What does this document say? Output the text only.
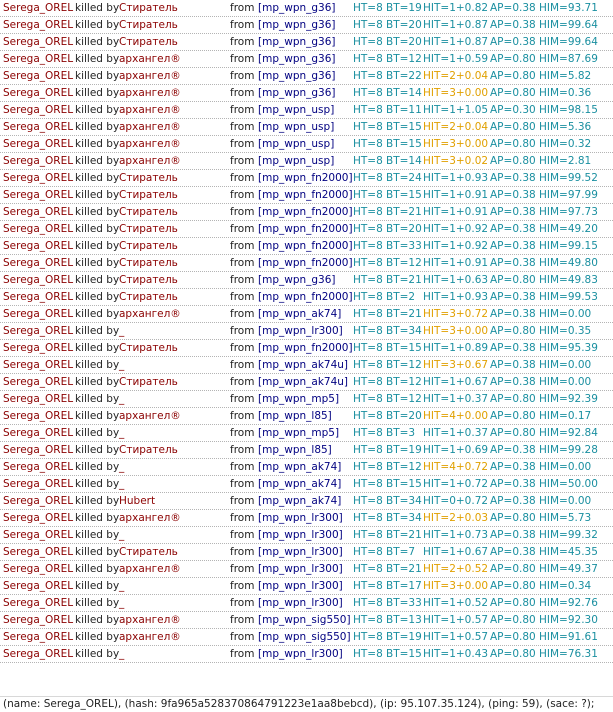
Serega_OREL killed by Стиратель	from [mp_wpn_g36] HT=8 BT=19 HIT=1+0.82 AP=0.38 HIM=93.71
Serega_OREL killed by Стиратель	from [mp_wpn_g36] HT=8 BT=20 HIT=1+0.87 AP=0.38 HIM=99.64
Serega_OREL killed by Стиратель	from [mp_wpn_g36] HT=8 BT=20 HIT=1+0.87 AP=0.38 HIM=99.64
Serega_OREL killed by архангел®	from [mp_wpn_g36] HT=8 BT=12 HIT=1+0.59 AP=0.80 HIM=87.69
Serega_OREL killed by архангел®	from [mp_wpn_g36] HT=8 BT=22 HIT=2+0.04 AP=0.80 HIM=5.82
Serega_OREL killed by архангел®	from [mp_wpn_g36] HT=8 BT=14 HIT=3+0.00 AP=0.80 HIM=0.36
Serega_OREL killed by архангел®	from [mp_wpn_usp] HT=8 BT=11 HIT=1+1.05 AP=0.30 HIM=98.15
Serega_OREL killed by архангел®	from [mp_wpn_usp] HT=8 BT=15 HIT=2+0.04 AP=0.80 HIM=5.36
Serega_OREL killed by архангел®	from [mp_wpn_usp] HT=8 BT=15 HIT=3+0.00 AP=0.80 HIM=0.32
Serega_OREL killed by архангел®	from [mp_wpn_usp] HT=8 BT=14 HIT=3+0.02 AP=0.80 HIM=2.81
Serega_OREL killed by Стиратель	from [mp_wpn_fn2000] HT=8 BT=24 HIT=1+0.93 AP=0.38 HIM=99.52
Serega_OREL killed by Стиратель	from [mp_wpn_fn2000] HT=8 BT=15 HIT=1+0.91 AP=0.38 HIM=97.99
Serega_OREL killed by Стиратель	from [mp_wpn_fn2000] HT=8 BT=21 HIT=1+0.91 AP=0.38 HIM=97.73
Serega_OREL killed by Стиратель	from [mp_wpn_fn2000] HT=8 BT=20 HIT=1+0.92 AP=0.38 HIM=49.20
Serega_OREL killed by Стиратель	from [mp_wpn_fn2000] HT=8 BT=33 HIT=1+0.92 AP=0.38 HIM=99.15
Serega_OREL killed by Стиратель	from [mp_wpn_fn2000] HT=8 BT=12 HIT=1+0.91 AP=0.38 HIM=49.80
Serega_OREL killed by Стиратель	from [mp_wpn_g36] HT=8 BT=21 HIT=1+0.63 AP=0.80 HIM=49.83
Serega_OREL killed by Стиратель	from [mp_wpn_fn2000] HT=8 BT=2 HIT=1+0.93 AP=0.38 HIM=99.53
Serega_OREL killed by архангел®	from [mp_wpn_ak74] HT=8 BT=21 HIT=3+0.72 AP=0.38 HIM=0.00
Serega_OREL killed by _	from [mp_wpn_lr300] HT=8 BT=34 HIT=3+0.00 AP=0.80 HIM=0.35
Serega_OREL killed by Стиратель	from [mp_wpn_fn2000] HT=8 BT=15 HIT=1+0.89 AP=0.38 HIM=95.39
Serega_OREL killed by _	from [mp_wpn_ak74u] HT=8 BT=12 HIT=3+0.67 AP=0.38 HIM=0.00
Serega_OREL killed by Стиратель	from [mp_wpn_ak74u] HT=8 BT=12 HIT=1+0.67 AP=0.38 HIM=0.00
Serega_OREL killed by _	from [mp_wpn_mp5] HT=8 BT=12 HIT=1+0.37 AP=0.80 HIM=92.39
Serega_OREL killed by архангел®	from [mp_wpn_l85] HT=8 BT=20 HIT=4+0.00 AP=0.80 HIM=0.17
Serega_OREL killed by _	from [mp_wpn_mp5] HT=8 BT=3 HIT=1+0.37 AP=0.80 HIM=92.84
Serega_OREL killed by Стиратель	from [mp_wpn_l85] HT=8 BT=19 HIT=1+0.69 AP=0.38 HIM=99.28
Serega_OREL killed by _	from [mp_wpn_ak74] HT=8 BT=12 HIT=4+0.72 AP=0.38 HIM=0.00
Serega_OREL killed by _	from [mp_wpn_ak74] HT=8 BT=15 HIT=1+0.72 AP=0.38 HIM=50.00
Serega_OREL killed by Hubert	from [mp_wpn_ak74] HT=8 BT=34 HIT=0+0.72 AP=0.38 HIM=0.00
Serega_OREL killed by архангел®	from [mp_wpn_lr300] HT=8 BT=34 HIT=2+0.03 AP=0.80 HIM=5.73
Serega_OREL killed by _	from [mp_wpn_lr300] HT=8 BT=21 HIT=1+0.73 AP=0.38 HIM=99.32
Serega_OREL killed by Стиратель	from [mp_wpn_lr300] HT=8 BT=7 HIT=1+0.67 AP=0.38 HIM=45.35
Serega_OREL killed by архангел®	from [mp_wpn_lr300] HT=8 BT=21 HIT=2+0.52 AP=0.80 HIM=49.37
Serega_OREL killed by _	from [mp_wpn_lr300] HT=8 BT=17 HIT=3+0.00 AP=0.80 HIM=0.34
Serega_OREL killed by _	from [mp_wpn_lr300] HT=8 BT=33 HIT=1+0.52 AP=0.80 HIM=92.76
Serega_OREL killed by архангел®	from [mp_wpn_sig550] HT=8 BT=13 HIT=1+0.57 AP=0.80 HIM=92.30
Serega_OREL killed by архангел®	from [mp_wpn_sig550] HT=8 BT=19 HIT=1+0.57 AP=0.80 HIM=91.61
Serega_OREL killed by _	from [mp_wpn_lr300] HT=8 BT=15 HIT=1+0.43 AP=0.80 HIM=76.31
(name: Serega_OREL), (hash: 9fa965a528370864791223e1aa8bebcd), (ip: 95.107.35.124), (ping: 59), (sace: ?);
